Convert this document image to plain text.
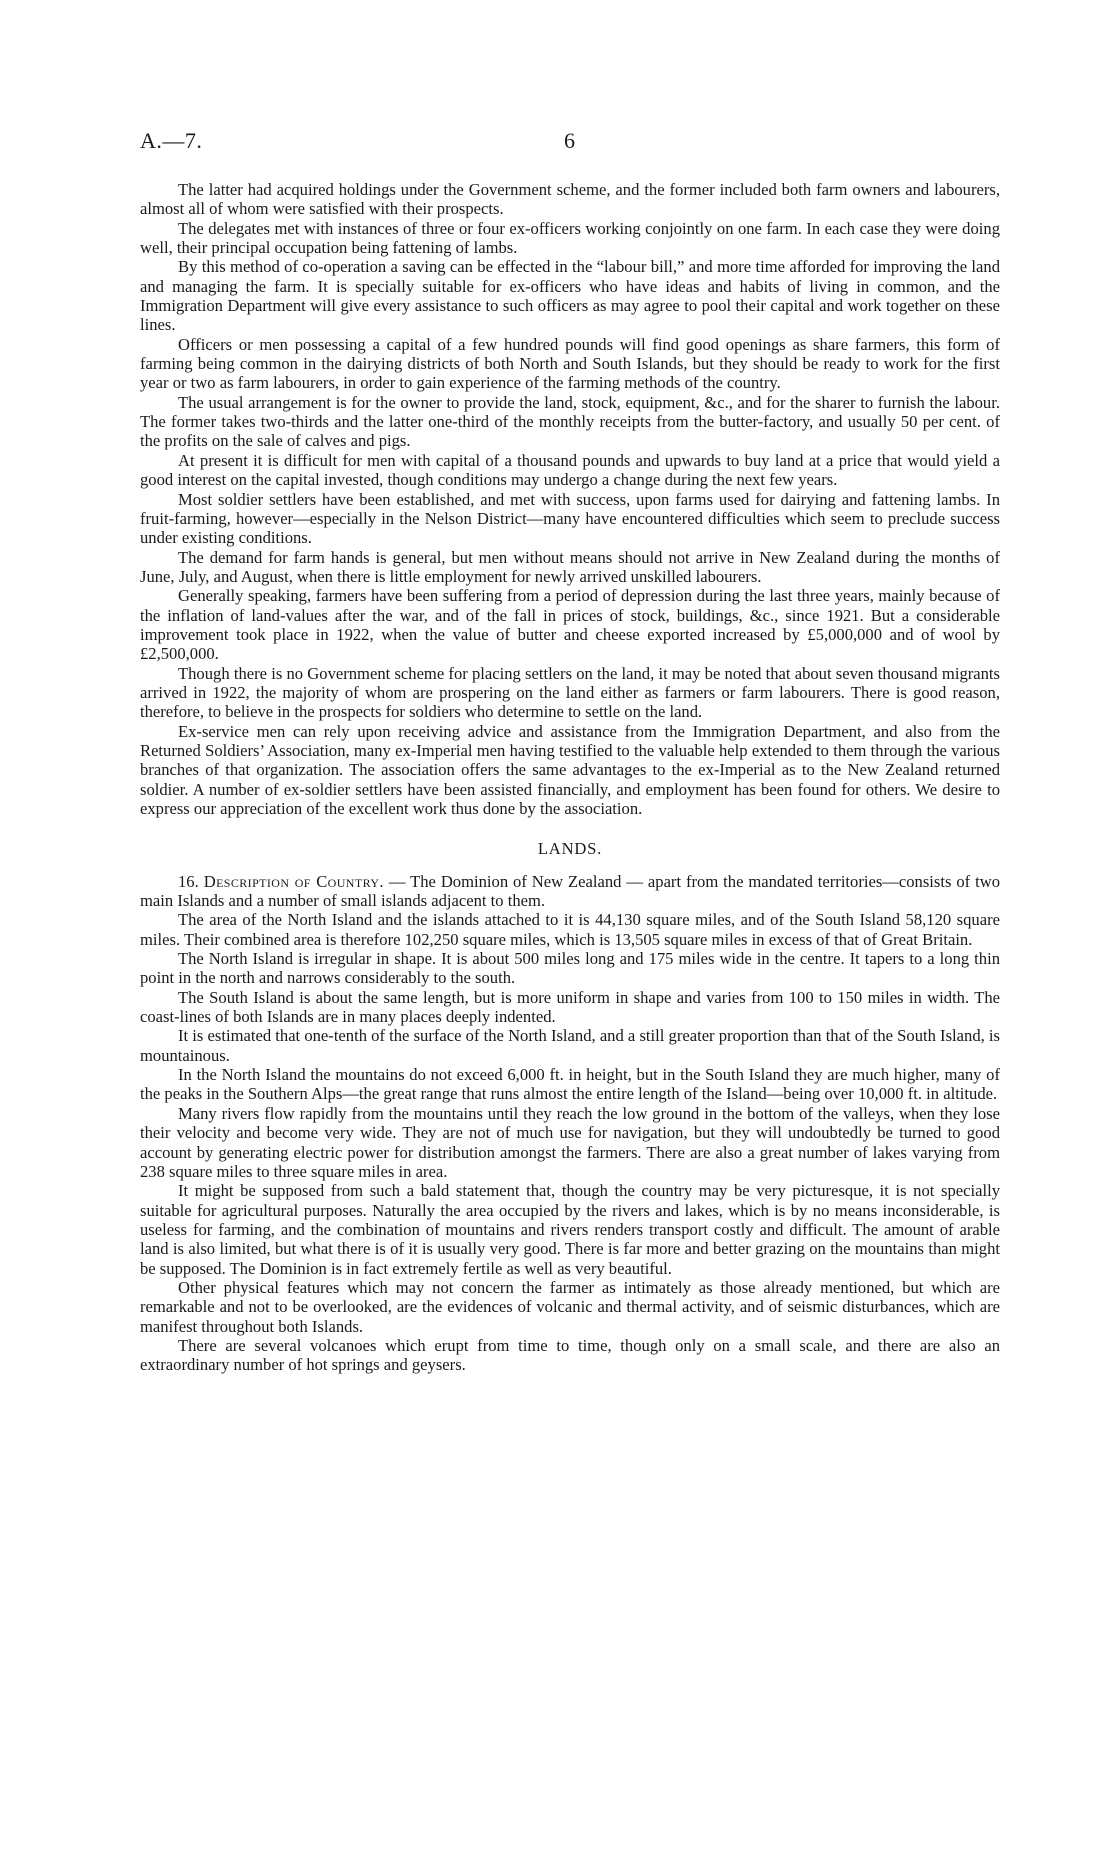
A.—7.	6

The latter had acquired holdings under the Government scheme, and the former included both farm owners and labourers, almost all of whom were satisfied with their prospects.

The delegates met with instances of three or four ex-officers working conjointly on one farm. In each case they were doing well, their principal occupation being fattening of lambs.

By this method of co-operation a saving can be effected in the “labour bill,” and more time afforded for improving the land and managing the farm. It is specially suitable for ex-officers who have ideas and habits of living in common, and the Immigration Department will give every assistance to such officers as may agree to pool their capital and work together on these lines.

Officers or men possessing a capital of a few hundred pounds will find good openings as share farmers, this form of farming being common in the dairying districts of both North and South Islands, but they should be ready to work for the first year or two as farm labourers, in order to gain experience of the farming methods of the country.

The usual arrangement is for the owner to provide the land, stock, equipment, &c., and for the sharer to furnish the labour. The former takes two-thirds and the latter one-third of the monthly receipts from the butter-factory, and usually 50 per cent. of the profits on the sale of calves and pigs.

At present it is difficult for men with capital of a thousand pounds and upwards to buy land at a price that would yield a good interest on the capital invested, though conditions may undergo a change during the next few years.

Most soldier settlers have been established, and met with success, upon farms used for dairying and fattening lambs. In fruit-farming, however—especially in the Nelson District—many have encountered difficulties which seem to preclude success under existing conditions.

The demand for farm hands is general, but men without means should not arrive in New Zealand during the months of June, July, and August, when there is little employment for newly arrived unskilled labourers.

Generally speaking, farmers have been suffering from a period of depression during the last three years, mainly because of the inflation of land-values after the war, and of the fall in prices of stock, buildings, &c., since 1921. But a considerable improvement took place in 1922, when the value of butter and cheese exported increased by £5,000,000 and of wool by £2,500,000.

Though there is no Government scheme for placing settlers on the land, it may be noted that about seven thousand migrants arrived in 1922, the majority of whom are prospering on the land either as farmers or farm labourers. There is good reason, therefore, to believe in the prospects for soldiers who determine to settle on the land.

Ex-service men can rely upon receiving advice and assistance from the Immigration Department, and also from the Returned Soldiers’ Association, many ex-Imperial men having testified to the valuable help extended to them through the various branches of that organization. The association offers the same advantages to the ex-Imperial as to the New Zealand returned soldier. A number of ex-soldier settlers have been assisted financially, and employment has been found for others. We desire to express our appreciation of the excellent work thus done by the association.

LANDS.

16. Description of Country. — The Dominion of New Zealand — apart from the mandated territories—consists of two main Islands and a number of small islands adjacent to them.

The area of the North Island and the islands attached to it is 44,130 square miles, and of the South Island 58,120 square miles. Their combined area is therefore 102,250 square miles, which is 13,505 square miles in excess of that of Great Britain.

The North Island is irregular in shape. It is about 500 miles long and 175 miles wide in the centre. It tapers to a long thin point in the north and narrows considerably to the south.

The South Island is about the same length, but is more uniform in shape and varies from 100 to 150 miles in width. The coast-lines of both Islands are in many places deeply indented.

It is estimated that one-tenth of the surface of the North Island, and a still greater proportion than that of the South Island, is mountainous.

In the North Island the mountains do not exceed 6,000 ft. in height, but in the South Island they are much higher, many of the peaks in the Southern Alps—the great range that runs almost the entire length of the Island—being over 10,000 ft. in altitude.

Many rivers flow rapidly from the mountains until they reach the low ground in the bottom of the valleys, when they lose their velocity and become very wide. They are not of much use for navigation, but they will undoubtedly be turned to good account by generating electric power for distribution amongst the farmers. There are also a great number of lakes varying from 238 square miles to three square miles in area.

It might be supposed from such a bald statement that, though the country may be very picturesque, it is not specially suitable for agricultural purposes. Naturally the area occupied by the rivers and lakes, which is by no means inconsiderable, is useless for farming, and the combination of mountains and rivers renders transport costly and difficult. The amount of arable land is also limited, but what there is of it is usually very good. There is far more and better grazing on the mountains than might be supposed. The Dominion is in fact extremely fertile as well as very beautiful.

Other physical features which may not concern the farmer as intimately as those already mentioned, but which are remarkable and not to be overlooked, are the evidences of volcanic and thermal activity, and of seismic disturbances, which are manifest throughout both Islands.

There are several volcanoes which erupt from time to time, though only on a small scale, and there are also an extraordinary number of hot springs and geysers.
